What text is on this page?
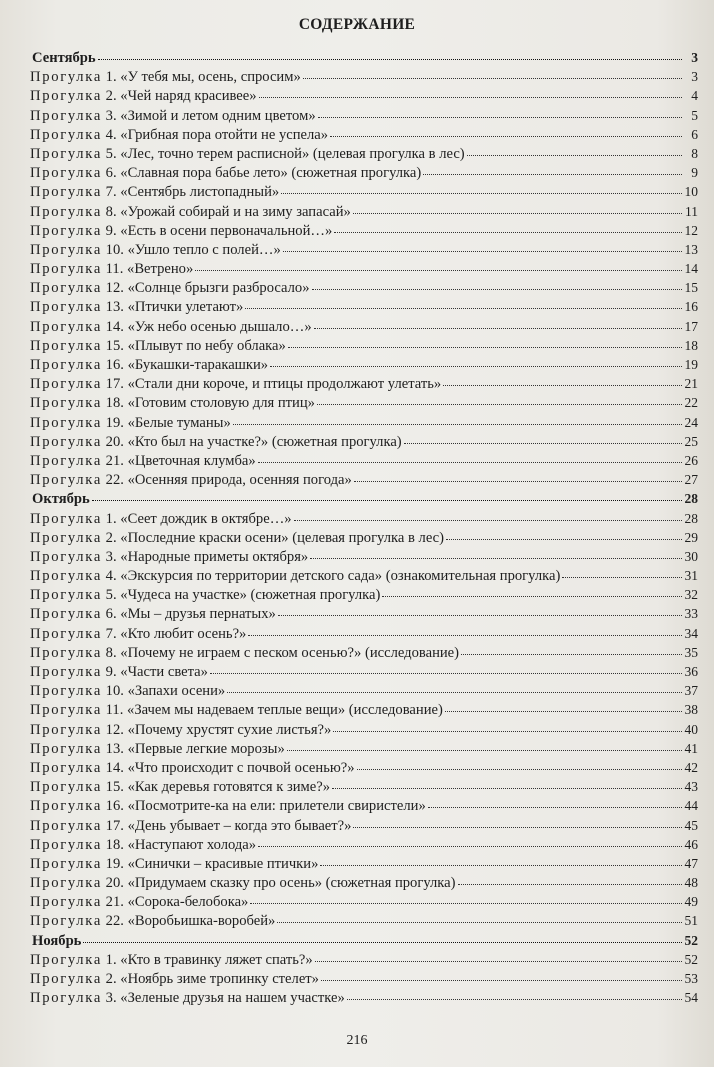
СОДЕРЖАНИЕ
Сентябрь	3
Прогулка 1. «У тебя мы, осень, спросим»	3
Прогулка 2. «Чей наряд красивее»	4
Прогулка 3. «Зимой и летом одним цветом»	5
Прогулка 4. «Грибная пора отойти не успела»	6
Прогулка 5. «Лес, точно терем расписной» (целевая прогулка в лес)	8
Прогулка 6. «Славная пора бабье лето» (сюжетная прогулка)	9
Прогулка 7. «Сентябрь листопадный»	10
Прогулка 8. «Урожай собирай и на зиму запасай»	11
Прогулка 9. «Есть в осени первоначальной…»	12
Прогулка 10. «Ушло тепло с полей…»	13
Прогулка 11. «Ветрено»	14
Прогулка 12. «Солнце брызги разбросало»	15
Прогулка 13. «Птички улетают»	16
Прогулка 14. «Уж небо осенью дышало…»	17
Прогулка 15. «Плывут по небу облака»	18
Прогулка 16. «Букашки-таракашки»	19
Прогулка 17. «Стали дни короче, и птицы продолжают улетать»	21
Прогулка 18. «Готовим столовую для птиц»	22
Прогулка 19. «Белые туманы»	24
Прогулка 20. «Кто был на участке?» (сюжетная прогулка)	25
Прогулка 21. «Цветочная клумба»	26
Прогулка 22. «Осенняя природа, осенняя погода»	27
Октябрь	28
Прогулка 1. «Сеет дождик в октябре…»	28
Прогулка 2. «Последние краски осени» (целевая прогулка в лес)	29
Прогулка 3. «Народные приметы октября»	30
Прогулка 4. «Экскурсия по территории детского сада» (ознакомительная прогулка)	31
Прогулка 5. «Чудеса на участке» (сюжетная прогулка)	32
Прогулка 6. «Мы – друзья пернатых»	33
Прогулка 7. «Кто любит осень?»	34
Прогулка 8. «Почему не играем с песком осенью?» (исследование)	35
Прогулка 9. «Части света»	36
Прогулка 10. «Запахи осени»	37
Прогулка 11. «Зачем мы надеваем теплые вещи» (исследование)	38
Прогулка 12. «Почему хрустят сухие листья?»	40
Прогулка 13. «Первые легкие морозы»	41
Прогулка 14. «Что происходит с почвой осенью?»	42
Прогулка 15. «Как деревья готовятся к зиме?»	43
Прогулка 16. «Посмотрите-ка на ели: прилетели свиристели»	44
Прогулка 17. «День убывает – когда это бывает?»	45
Прогулка 18. «Наступают холода»	46
Прогулка 19. «Синички – красивые птички»	47
Прогулка 20. «Придумаем сказку про осень» (сюжетная прогулка)	48
Прогулка 21. «Сорока-белобока»	49
Прогулка 22. «Воробьишка-воробей»	51
Ноябрь	52
Прогулка 1. «Кто в травинку ляжет спать?»	52
Прогулка 2. «Ноябрь зиме тропинку стелет»	53
Прогулка 3. «Зеленые друзья на нашем участке»	54
216
